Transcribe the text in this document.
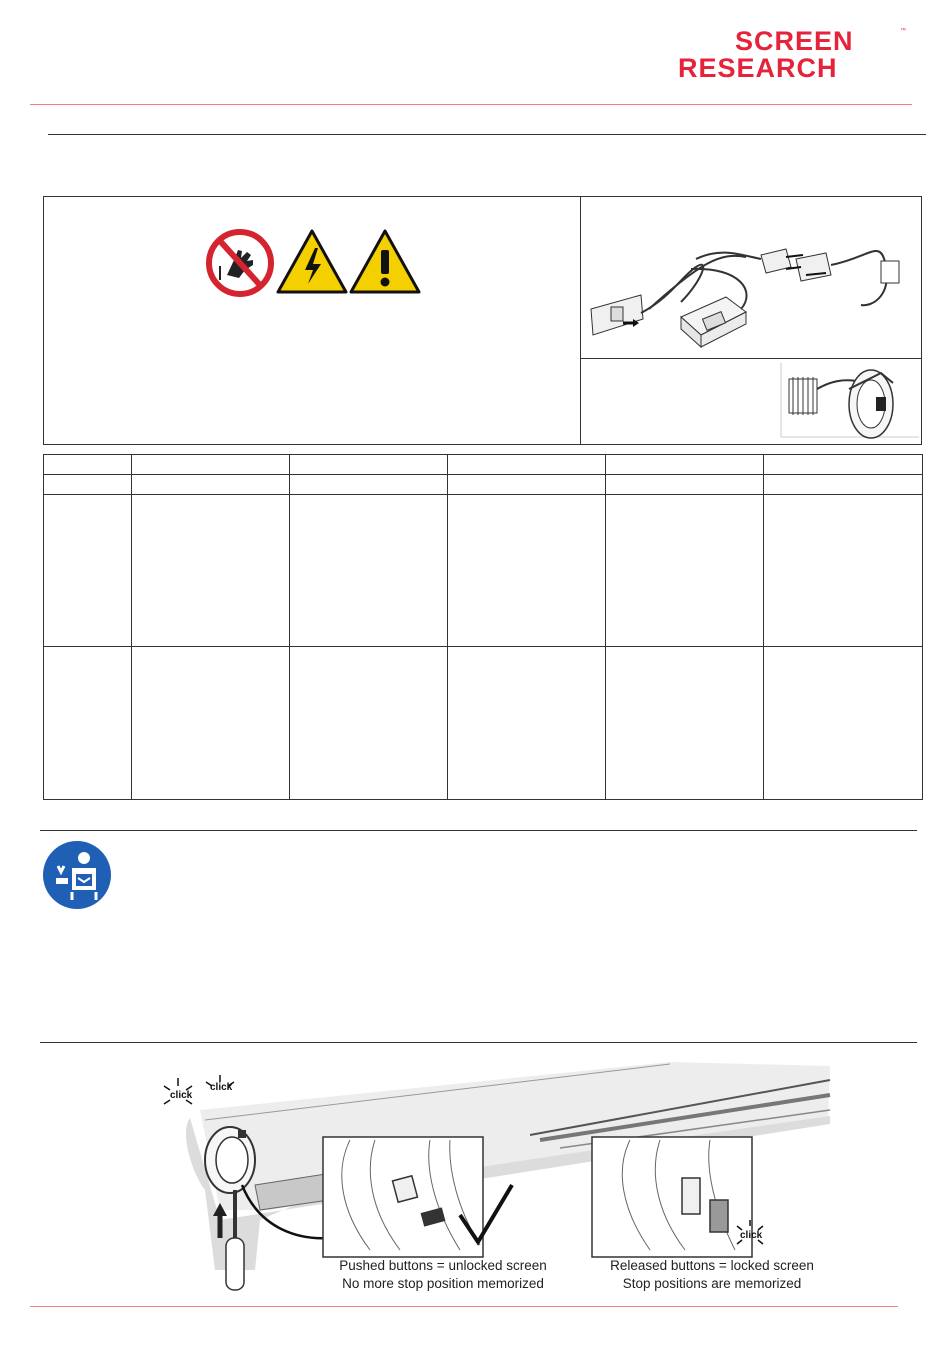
SCREEN	™
RESEARCH

click
click
click
Pushed buttons = unlocked screen
No more stop position memorized
Released buttons = locked screen
Stop positions are memorized
